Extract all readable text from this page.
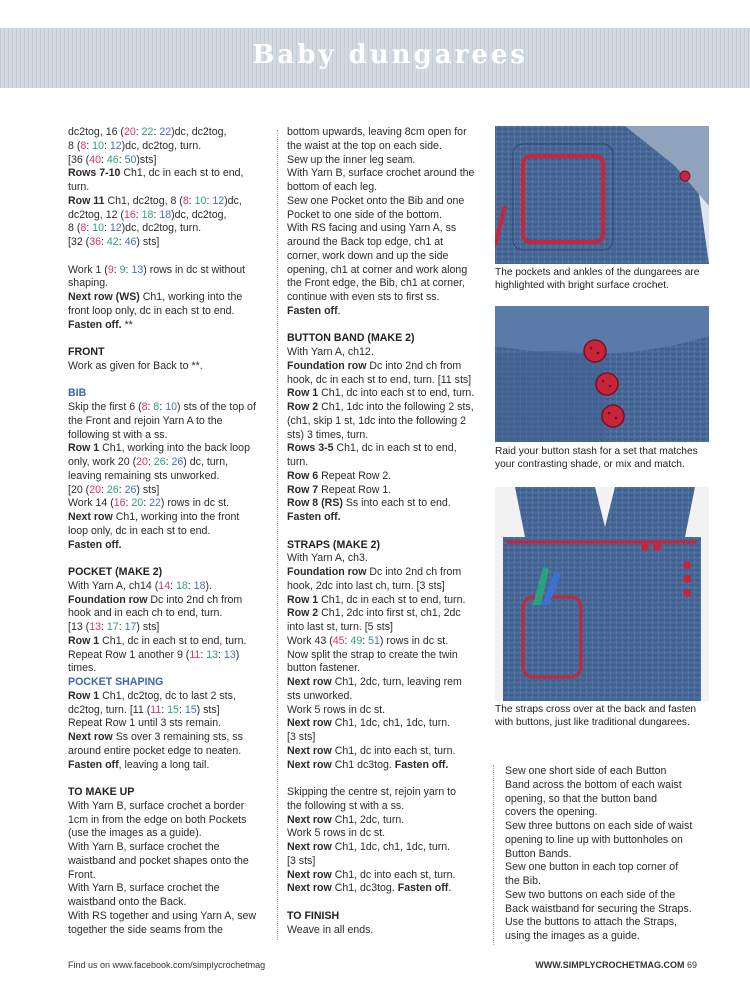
Baby dungarees

dc2tog, 16 (20: 22: 22)dc, dc2tog,

8 (8: 10: 12)dc, dc2tog, turn.

[36 (40: 46: 50)sts]

Rows 7-10 Ch1, dc in each st to end,

turn.

Row 11 Ch1, dc2tog, 8 (8: 10: 12)dc,

dc2tog, 12 (16: 18: 18)dc, dc2tog,

8 (8: 10: 12)dc, dc2tog, turn.

[32 (36: 42: 46) sts]

Work 1 (9: 9: 13) rows in dc st without

shaping.

Next row (WS) Ch1, working into the

front loop only, dc in each st to end.

Fasten off. **

FRONT

Work as given for Back to **.

BIB

Skip the first 6 (8: 8: 10) sts of the top of

the Front and rejoin Yarn A to the

following st with a ss.

Row 1 Ch1, working into the back loop

only, work 20 (20: 26: 26) dc, turn,

leaving remaining sts unworked.

[20 (20: 26: 26) sts]

Work 14 (16: 20: 22) rows in dc st.

Next row Ch1, working into the front

loop only, dc in each st to end.

Fasten off.

POCKET (MAKE 2)

With Yarn A, ch14 (14: 18: 18).

Foundation row Dc into 2nd ch from

hook and in each ch to end, turn.

[13 (13: 17: 17) sts]

Row 1 Ch1, dc in each st to end, turn.

Repeat Row 1 another 9 (11: 13: 13)

times.

POCKET SHAPING

Row 1 Ch1, dc2tog, dc to last 2 sts,

dc2tog, turn. [11 (11: 15: 15) sts]

Repeat Row 1 until 3 sts remain.

Next row Ss over 3 remaining sts, ss

around entire pocket edge to neaten.

Fasten off, leaving a long tail.

TO MAKE UP

With Yarn B, surface crochet a border

1cm in from the edge on both Pockets

(use the images as a guide).

With Yarn B, surface crochet the

waistband and pocket shapes onto the

Front.

With Yarn B, surface crochet the

waistband onto the Back.

With RS together and using Yarn A, sew

together the side seams from the

bottom upwards, leaving 8cm open for

the waist at the top on each side.

Sew up the inner leg seam.

With Yarn B, surface crochet around the

bottom of each leg.

Sew one Pocket onto the Bib and one

Pocket to one side of the bottom.

With RS facing and using Yarn A, ss

around the Back top edge, ch1 at

corner, work down and up the side

opening, ch1 at corner and work along

the Front edge, the Bib, ch1 at corner,

continue with even sts to first ss.

Fasten off.

BUTTON BAND (MAKE 2)

With Yarn A, ch12.

Foundation row Dc into 2nd ch from

hook, dc in each st to end, turn. [11 sts]

Row 1 Ch1, dc into each st to end, turn.

Row 2 Ch1, 1dc into the following 2 sts,

(ch1, skip 1 st, 1dc into the following 2

sts) 3 times, turn.

Rows 3-5 Ch1, dc in each st to end,

turn.

Row 6 Repeat Row 2.

Row 7 Repeat Row 1.

Row 8 (RS) Ss into each st to end.

Fasten off.

STRAPS (MAKE 2)

With Yarn A, ch3.

Foundation row Dc into 2nd ch from

hook, 2dc into last ch, turn. [3 sts]

Row 1 Ch1, dc in each st to end, turn.

Row 2 Ch1, 2dc into first st, ch1, 2dc

into last st, turn. [5 sts]

Work 43 (45: 49: 51) rows in dc st.

Now split the strap to create the twin

button fastener.

Next row Ch1, 2dc, turn, leaving rem

sts unworked.

Work 5 rows in dc st.

Next row Ch1, 1dc, ch1, 1dc, turn.

[3 sts]

Next row Ch1, dc into each st, turn.

Next row Ch1 dc3tog. Fasten off.

Skipping the centre st, rejoin yarn to

the following st with a ss.

Next row Ch1, 2dc, turn.

Work 5 rows in dc st.

Next row Ch1, 1dc, ch1, 1dc, turn.

[3 sts]

Next row Ch1, dc into each st, turn.

Next row Ch1, dc3tog. Fasten off.

TO FINISH

Weave in all ends.

Sew one short side of each Button

Band across the bottom of each waist

opening, so that the button band

covers the opening.

Sew three buttons on each side of waist

opening to line up with buttonholes on

Button Bands.

Sew one button in each top corner of

the Bib.

Sew two buttons on each side of the

Back waistband for securing the Straps.

Use the buttons to attach the Straps,

using the images as a guide.

The pockets and ankles of the dungarees are highlighted with bright surface crochet.
Raid your button stash for a set that matches your contrasting shade, or mix and match.
The straps cross over at the back and fasten with buttons, just like traditional dungarees.
Find us on www.facebook.com/simplycrochetmag	WWW.SIMPLYCROCHETMAG.COM 69
